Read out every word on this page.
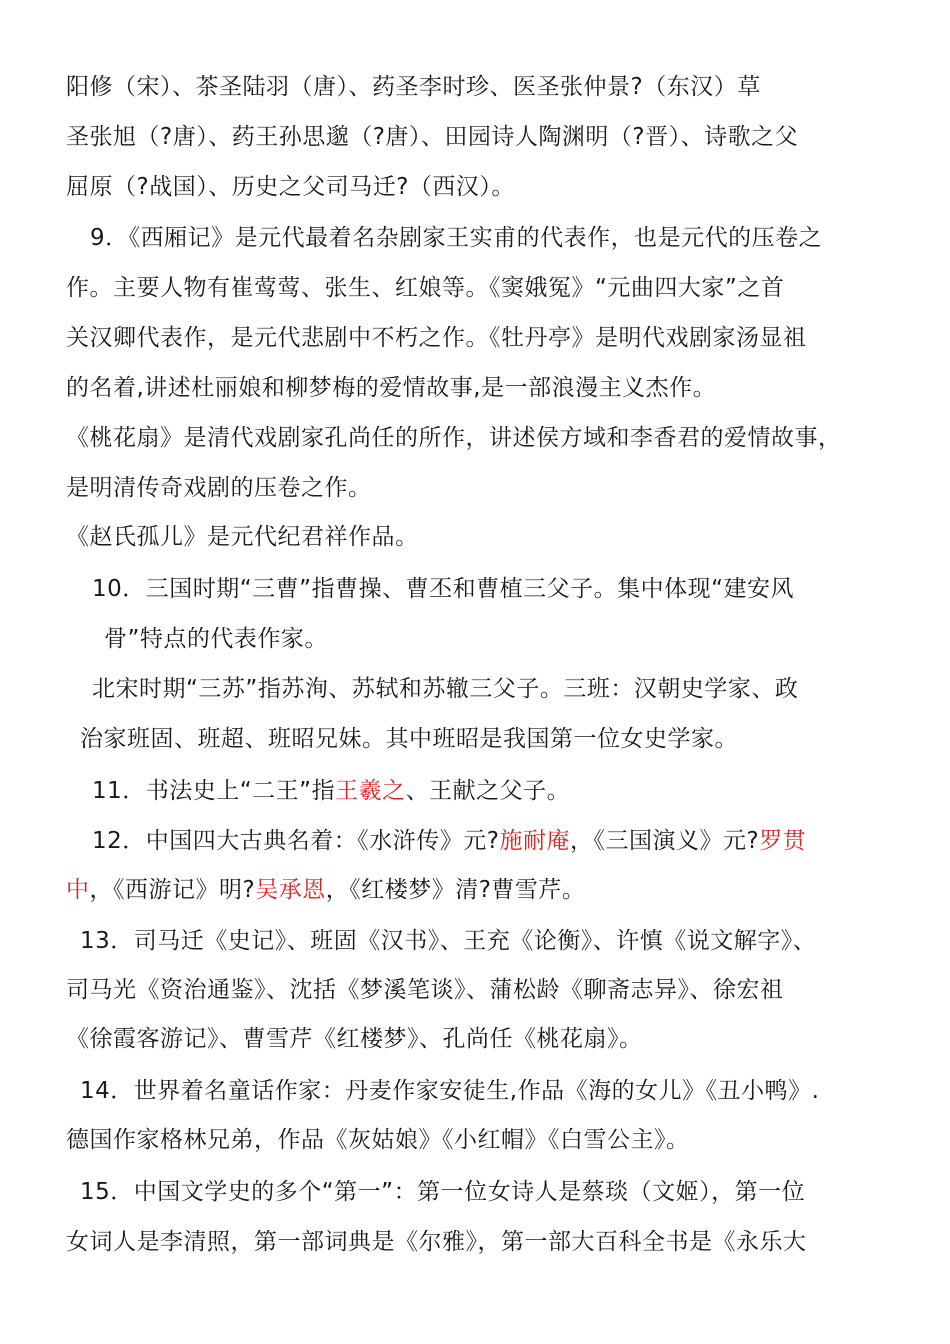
阳修（宋）、茶圣陆羽（唐）、药圣李时珍、医圣张仲景?（东汉）草
圣张旭（?唐）、药王孙思邈（?唐）、田园诗人陶渊明（?晋）、诗歌之父
屈原（?战国）、历史之父司马迁?（西汉）。
9．《西厢记》是元代最着名杂剧家王实甫的代表作，也是元代的压卷之
作。主要人物有崔莺莺、张生、红娘等。《窦娥冤》“元曲四大家”之首
关汉卿代表作，是元代悲剧中不朽之作。《牡丹亭》是明代戏剧家汤显祖
的名着,讲述杜丽娘和柳梦梅的爱情故事,是一部浪漫主义杰作。
《桃花扇》是清代戏剧家孔尚任的所作，讲述侯方域和李香君的爱情故事，
是明清传奇戏剧的压卷之作。
《赵氏孤儿》是元代纪君祥作品。
10．三国时期“三曹”指曹操、曹丕和曹植三父子。集中体现“建安风
骨”特点的代表作家。
北宋时期“三苏”指苏洵、苏轼和苏辙三父子。三班：汉朝史学家、政
治家班固、班超、班昭兄妹。其中班昭是我国第一位女史学家。
11．书法史上“二王”指王羲之、王献之父子。
12．中国四大古典名着：《水浒传》元?施耐庵，《三国演义》元?罗贯
中，《西游记》明?吴承恩，《红楼梦》清?曹雪芹。
13．司马迁《史记》、班固《汉书》、王充《论衡》、许慎《说文解字》、
司马光《资治通鉴》、沈括《梦溪笔谈》、蒲松龄《聊斋志异》、徐宏祖
《徐霞客游记》、曹雪芹《红楼梦》、孔尚任《桃花扇》。
14．世界着名童话作家：丹麦作家安徒生,作品《海的女儿》《丑小鸭》.
德国作家格林兄弟，作品《灰姑娘》《小红帽》《白雪公主》。
15．中国文学史的多个“第一”：第一位女诗人是蔡琰（文姬），第一位
女词人是李清照，第一部词典是《尔雅》，第一部大百科全书是《永乐大
